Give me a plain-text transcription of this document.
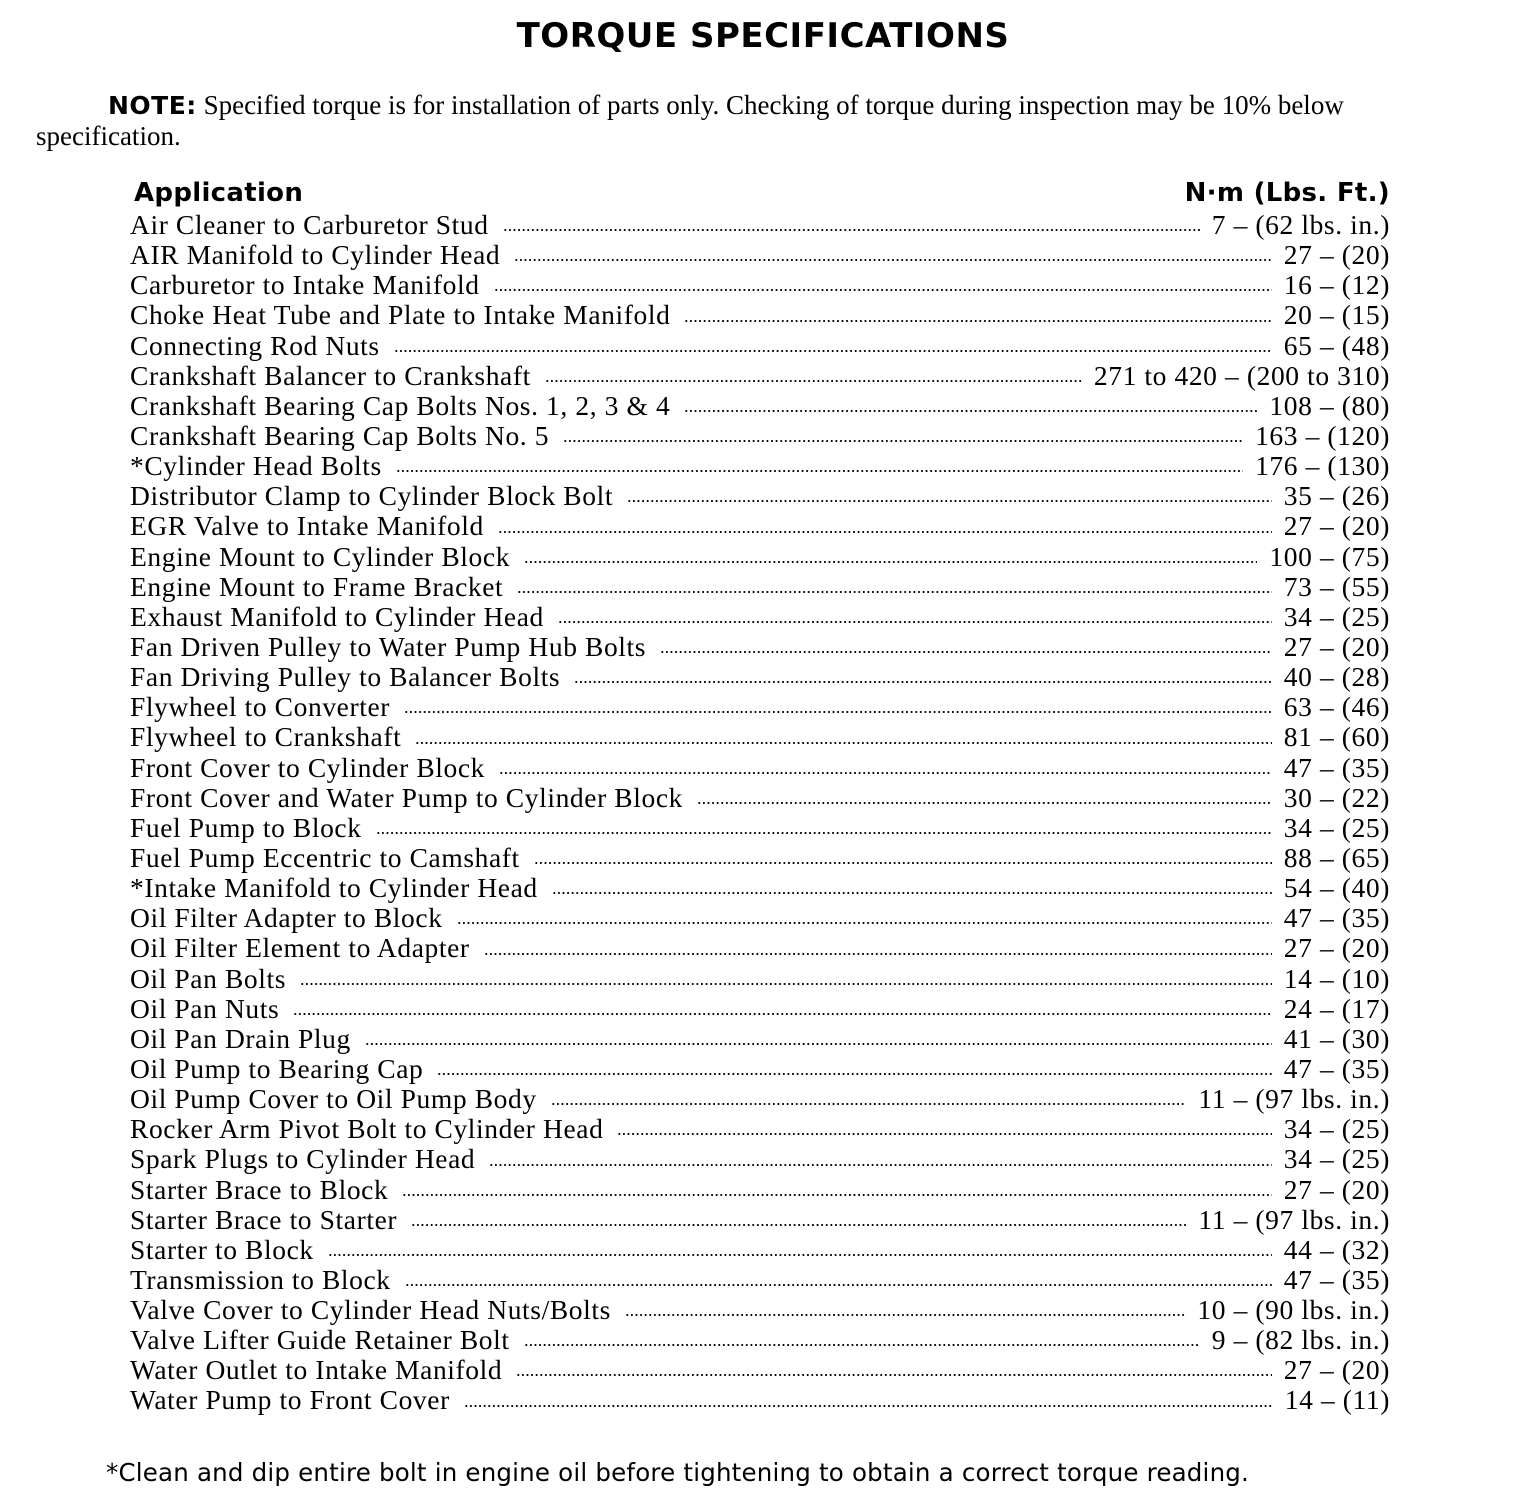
TORQUE SPECIFICATIONS

NOTE: Specified torque is for installation of parts only. Checking of torque during inspection may be 10% below specification.

Application	N·m (Lbs. Ft.)
Air Cleaner to Carburetor Stud	7 – (62 lbs. in.)
AIR Manifold to Cylinder Head	27 – (20)
Carburetor to Intake Manifold	16 – (12)
Choke Heat Tube and Plate to Intake Manifold	20 – (15)
Connecting Rod Nuts	65 – (48)
Crankshaft Balancer to Crankshaft	271 to 420 – (200 to 310)
Crankshaft Bearing Cap Bolts Nos. 1, 2, 3 & 4	108 – (80)
Crankshaft Bearing Cap Bolts No. 5	163 – (120)
*Cylinder Head Bolts	176 – (130)
Distributor Clamp to Cylinder Block Bolt	35 – (26)
EGR Valve to Intake Manifold	27 – (20)
Engine Mount to Cylinder Block	100 – (75)
Engine Mount to Frame Bracket	73 – (55)
Exhaust Manifold to Cylinder Head	34 – (25)
Fan Driven Pulley to Water Pump Hub Bolts	27 – (20)
Fan Driving Pulley to Balancer Bolts	40 – (28)
Flywheel to Converter	63 – (46)
Flywheel to Crankshaft	81 – (60)
Front Cover to Cylinder Block	47 – (35)
Front Cover and Water Pump to Cylinder Block	30 – (22)
Fuel Pump to Block	34 – (25)
Fuel Pump Eccentric to Camshaft	88 – (65)
*Intake Manifold to Cylinder Head	54 – (40)
Oil Filter Adapter to Block	47 – (35)
Oil Filter Element to Adapter	27 – (20)
Oil Pan Bolts	14 – (10)
Oil Pan Nuts	24 – (17)
Oil Pan Drain Plug	41 – (30)
Oil Pump to Bearing Cap	47 – (35)
Oil Pump Cover to Oil Pump Body	11 – (97 lbs. in.)
Rocker Arm Pivot Bolt to Cylinder Head	34 – (25)
Spark Plugs to Cylinder Head	34 – (25)
Starter Brace to Block	27 – (20)
Starter Brace to Starter	11 – (97 lbs. in.)
Starter to Block	44 – (32)
Transmission to Block	47 – (35)
Valve Cover to Cylinder Head Nuts/Bolts	10 – (90 lbs. in.)
Valve Lifter Guide Retainer Bolt	9 – (82 lbs. in.)
Water Outlet to Intake Manifold	27 – (20)
Water Pump to Front Cover	14 – (11)

*Clean and dip entire bolt in engine oil before tightening to obtain a correct torque reading.
